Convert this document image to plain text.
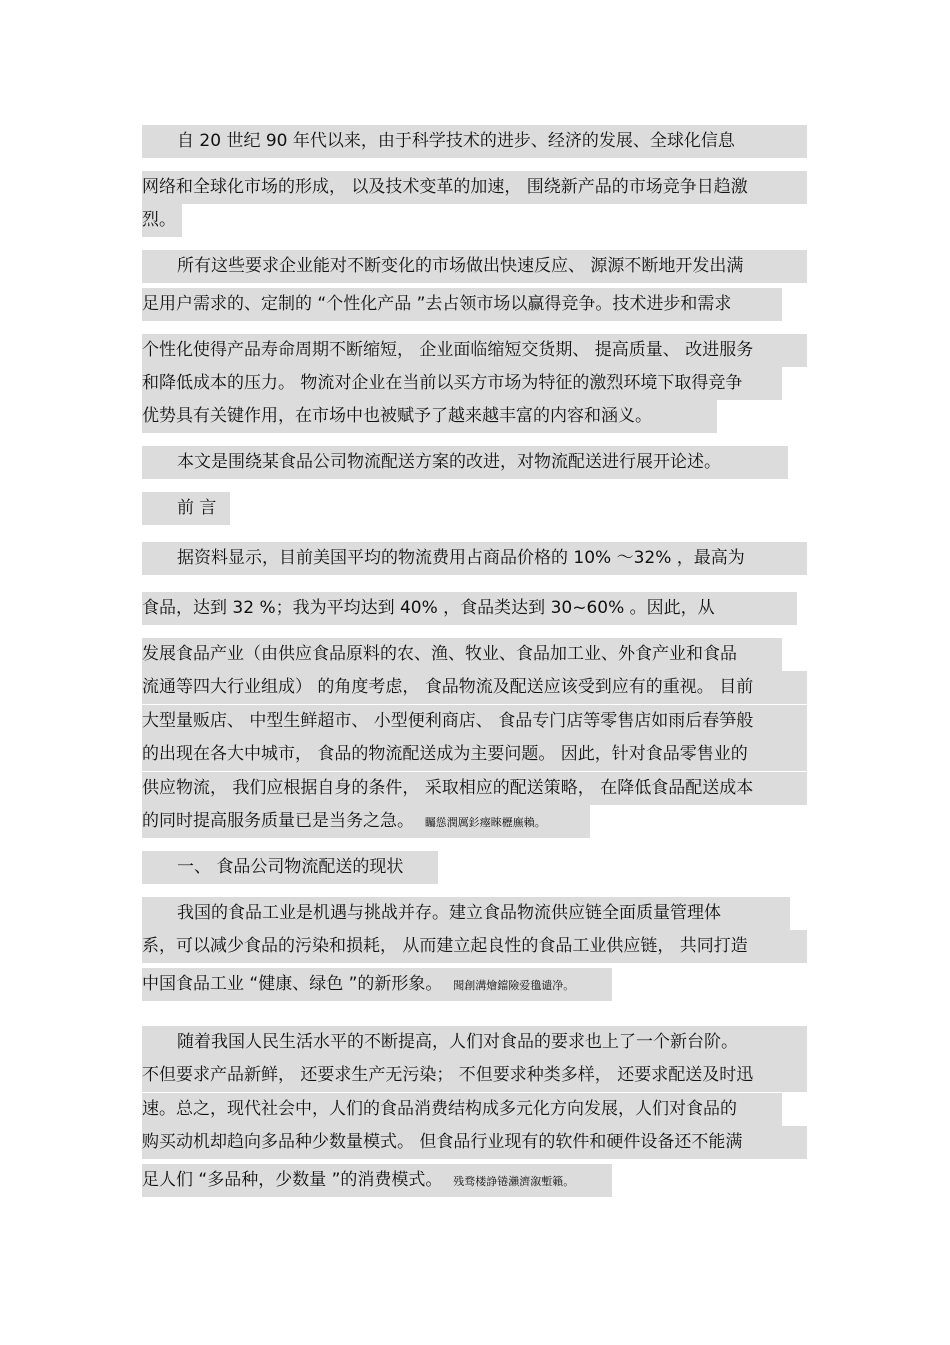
自 20 世纪 90 年代以来，由于科学技术的进步、经济的发展、全球化信息
网络和全球化市场的形成， 以及技术变革的加速， 围绕新产品的市场竞争日趋激
烈。
所有这些要求企业能对不断变化的市场做出快速反应、 源源不断地开发出满
足用户需求的、定制的 “个性化产品 ”去占领市场以赢得竞争。技术进步和需求
个性化使得产品寿命周期不断缩短， 企业面临缩短交货期、 提高质量、 改进服务
和降低成本的压力。 物流对企业在当前以买方市场为特征的激烈环境下取得竞争
优势具有关键作用，在市场中也被赋予了越来越丰富的内容和涵义。
本文是围绕某食品公司物流配送方案的改进，对物流配送进行展开论述。
前 言
据资料显示，目前美国平均的物流费用占商品价格的 10% ～32% ，最高为
食品，达到 32 %；我为平均达到 40% ，食品类达到 30~60% 。因此，从
发展食品产业（由供应食品原料的农、渔、牧业、食品加工业、外食产业和食品
流通等四大行业组成） 的角度考虑， 食品物流及配送应该受到应有的重视。 目前
大型量贩店、 中型生鲜超市、 小型便利商店、 食品专门店等零售店如雨后春笋般
的出现在各大中城市， 食品的物流配送成为主要问题。 因此，针对食品零售业的
供应物流， 我们应根据自身的条件， 采取相应的配送策略， 在降低食品配送成本
的同时提高服务质量已是当务之急。 矚慫潤厲釤瘞睞櫪廡賴。
一、 食品公司物流配送的现状
我国的食品工业是机遇与挑战并存。建立食品物流供应链全面质量管理体
系，可以减少食品的污染和损耗， 从而建立起良性的食品工业供应链， 共同打造
中国食品工业 “健康、绿色 ”的新形象。 聞創溝燴鐺險爱氇谴净。
随着我国人民生活水平的不断提高，人们对食品的要求也上了一个新台阶。
不但要求产品新鲜， 还要求生产无污染； 不但要求种类多样， 还要求配送及时迅
速。总之，现代社会中，人们的食品消费结构成多元化方向发展，人们对食品的
购买动机却趋向多品种少数量模式。 但食品行业现有的软件和硬件设备还不能满
足人们 “多品种，少数量 ”的消费模式。 残骛楼諍锩瀨濟溆塹籟。
